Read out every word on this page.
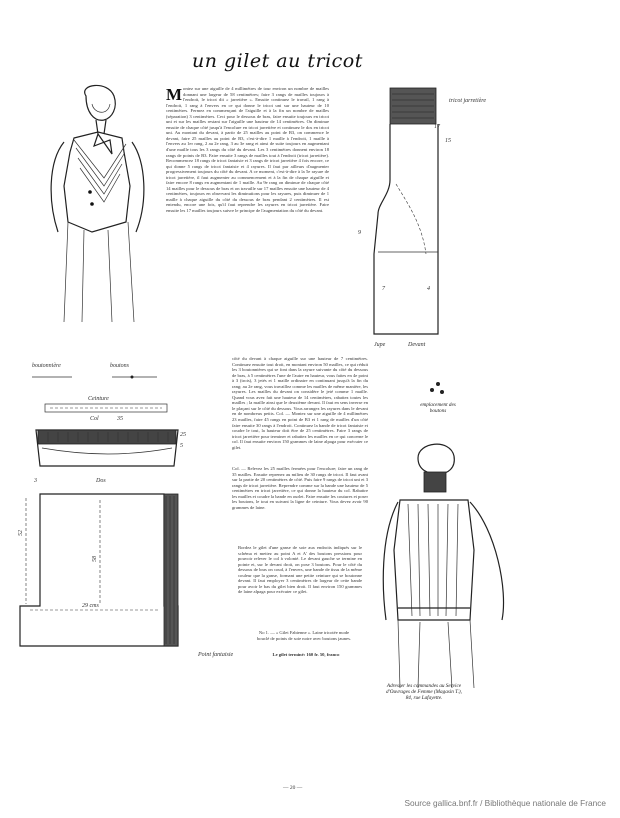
un gilet au tricot
M ontez sur une aiguille de 4 millimètres de tour environ un nombre de mailles donnant une largeur de 58 centimètres; faire 3 rangs de mailles toujours à l'endroit, le tricot dit « jarretière ». Ensuite continuez le travail, 1 rang à l'endroit, 1 rang à l'envers en ce qui donne le tricot uni sur une hauteur de 10 centimètres. Fermez en commençant de l'aiguille et à la fin un nombre de mailles (séparation) 3 centimètres. Ceci pour le dessous de bras, faire ensuite toujours en tricot uni et sur les mailles restant sur l'aiguille une hauteur de 14 centimètres. On diminue ensuite de chaque côté jusqu'à l'encolure en tricot jarretière et continuez le dos en tricot uni. Au montant du devant, à partir de 25 mailles au point de B3, on commence le devant, faire 25 mailles au point de B3, c'est-à-dire 1 maille à l'endroit, 1 maille à l'envers au 1er rang, 2 au 2e rang, 3 au 3e rang et ainsi de suite toujours en augmentant d'une maille tous les 3 rangs du côté du devant. Les 3 centimètres donnent environ 18 rangs de points de B3. Faire ensuite 3 rangs de mailles tout à l'endroit (tricot jarretière). Recommencez 18 rangs de tricot fantaisie et 3 rangs de tricot jarretière 4 fois encore, ce qui donne 5 rangs de tricot fantaisie et 4 rayures. Il faut par ailleurs d'augmenter progressivement toujours du côté du devant. A ce moment, c'est-à-dire à la 5e rayure de tricot jarretière, il faut augmenter au commencement et à la fin de chaque aiguille et faire encore 8 rangs en augmentant de 1 maille. Au 9e rang on diminue de chaque côté 14 mailles pour le dessous de bras et on travaille sur 17 mailles ensuite une hauteur de 4 centimètres, toujours en observant les diminutions pour les rayures, puis diminuer de 1 maille à chaque aiguille du côté du dessous de bras pendant 2 centimètres. Il est entendu, encore une fois, qu'il faut reprendre les rayures en tricot jarretière. Faire ensuite les 17 mailles toujours suivre le principe de l'augmentation du côté du devant.

côté du devant à chaque aiguille sur une hauteur de 7 centimètres. Continuez ensuite tout droit, en montant environ 50 mailles, ce qui réduit les 3 boutonnières qui se font dans la rayure suivante du côté du dessous de bras, à 5 centimètres l'une de l'autre en hauteur, vous faites en 4e point à 3 (trois), 3 jetés et 1 maille ordinaire en continuant jusqu'à la fin du rang; au 2e rang, vous travaillez comme les mailles de même manière, les rayures. Les mailles du devant on considère le jeté comme 1 maille. Quand vous avez fait une hauteur de 14 centimètres, rabattez toutes les mailles ; la maille ainsi que le deuxième devant. Il faut en sens inverse en le plaçant sur le côté du dessous. Vous arrangez les rayures dans le devant en de nombreux petits. Col. — Montez sur une aiguille de 4 millimètres 23 mailles, faire 45 rangs en point de B3 et 1 rang de mailles d'un côté faire ensuite 30 rangs à l'endroit. Continuez la bande de tricot fantaisie et coudre le tout, la hauteur doit être de 25 centimètres. Faire 3 rangs de tricot jarretière pour terminer et rabattez les mailles en ce qui concerne le col. Il faut ensuite environ 150 grammes de laine alpaga pour exécuter ce gilet.

Col. — Relevez les 25 mailles fermées pour l'encolure; faire un rang de 35 mailles. Ensuite reprenez au milieu de 30 rangs de tricot. Il faut avant sur la partie de 20 centimètres de côté. Puis faire 9 rangs de tricot uni et 3 rangs de tricot jarretière. Reprendre comme sur la bande une hauteur de 5 centimètres en tricot jarretière, ce qui donne la hauteur du col. Rabattre les mailles et coudre la bande en ourlet. Faire ensuite les coutures et poser les boutons, le tout en suivant la ligne de ceinture. Vous devez avoir 90 grammes de laine.

Bordez le gilet d'une ganse de soie aux endroits indiqués sur le schéma et mettez au point A et A' des boutons pressions pour pouvoir relever le col à volonté. Le devant gauche se termine en pointe et, sur le devant droit, on pose 3 boutons. Pour le côté du dessous de bras on coud, à l'envers, une bande de tissu de la même couleur que la ganse, formant une petite ceinture qui se boutonne devant. Il faut employer 3 centimètres de largeur de cette bande pour avoir le bas du gilet bien droit. Il faut environ 150 grammes de laine alpaga pour exécuter ce gilet.

No 1. — « Gilet Fabienne ». Laine tricotée mode bouclé de points de soie noire avec boutons jaunes.

Le gilet terminé: 160 fr. 50, franco
boutonnière	boutons
Ceinture
Col	35
25
5
3	Dos
52
58
29 cms
Point fantaisie
tricot jarretière
17
15
9
7	4
Jupe	Devant
emplacement des boutons
Adresser les commandes au Service d'Ouvrages de Femme (Magasin T.), 84, rue Lafayette.
— 20 —
Source gallica.bnf.fr / Bibliothèque nationale de France
